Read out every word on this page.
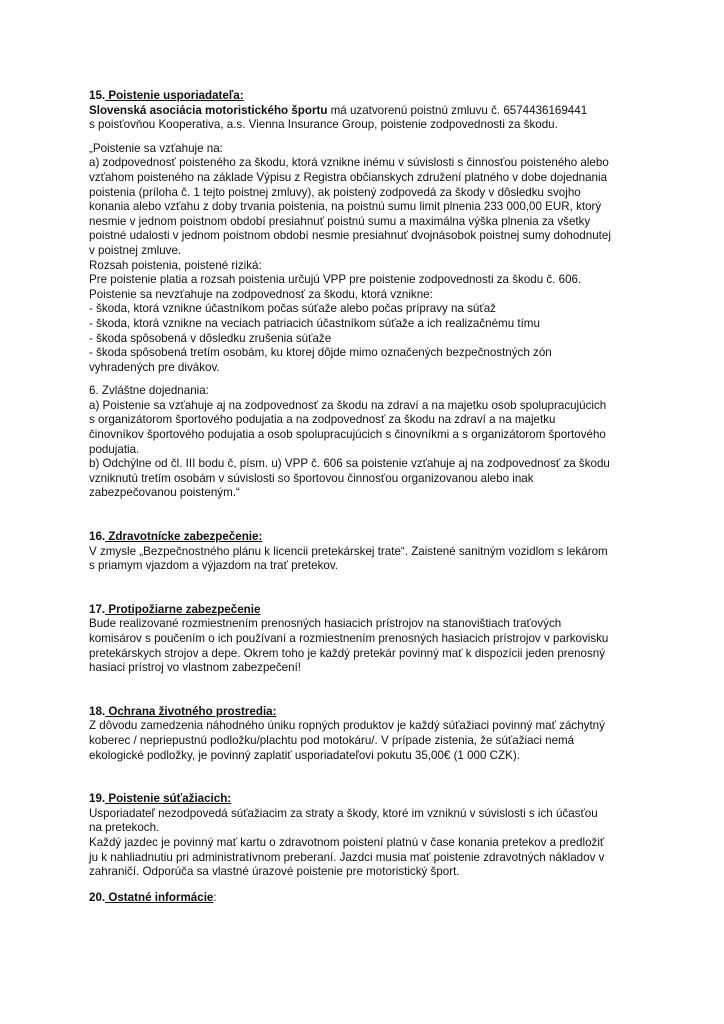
15. Poistenie usporiadateľa:

Slovenská asociácia motoristického športu má uzatvorenú poistnú zmluvu č. 6574436169441
s poisťovňou Kooperativa, a.s. Vienna Insurance Group, poistenie zodpovednosti za škodu.

„Poistenie sa vzťahuje na:

a) zodpovednosť poisteného za škodu, ktorá vznikne inému v súvislosti s činnosťou poisteného alebo
vzťahom poisteného na základe Výpisu z Registra občianskych združení platného v dobe dojednania
poistenia (príloha č. 1 tejto poistnej zmluvy), ak poistený zodpovedá za škody v dôsledku svojho
konania alebo vzťahu z doby trvania poistenia, na poistnú sumu limit plnenia 233 000,00 EUR, ktorý
nesmie v jednom poistnom období presiahnuť poistnú sumu a maximálna výška plnenia za všetky
poistné udalosti v jednom poistnom období nesmie presiahnuť dvojnásobok poistnej sumy dohodnutej
v poistnej zmluve.

Rozsah poistenia, poistené riziká:

Pre poistenie platia a rozsah poistenia určujú VPP pre poistenie zodpovednosti za škodu č. 606.
Poistenie sa nevzťahuje na zodpovednosť za škodu, ktorá vznikne:

- škoda, ktorá vznikne účastníkom počas súťaže alebo počas prípravy na súťaž
- škoda, ktorá vznikne na veciach patriacich účastníkom súťaže a ich realizačnému tímu
- škoda spôsobená v dôsledku zrušenia súťaže
- škoda spôsobená tretím osobám, ku ktorej dôjde mimo označených bezpečnostných zón
vyhradených pre divákov.

6. Zvláštne dojednania:

a) Poistenie sa vzťahuje aj na zodpovednosť za škodu na zdraví a na majetku osob spolupracujúcich
s organizátorom športového podujatia a na zodpovednosť za škodu na zdraví a na majetku
činovníkov športového podujatia a osob spolupracujúcich s činovníkmi a s organizátorom športového
podujatia.

b) Odchýlne od čl. III bodu č, písm. u) VPP č. 606 sa poistenie vzťahuje aj na zodpovednosť za škodu
vzniknutú tretím osobám v súvislosti so športovou činnosťou organizovanou alebo inak
zabezpečovanou poisteným.“

16. Zdravotnícke zabezpečenie:

V zmysle „Bezpečnostného plánu k licencii pretekárskej trate“. Zaistené sanitným vozidlom s lekárom
s priamym vjazdom a výjazdom na trať pretekov.

17. Protipožiarne zabezpečenie

Bude realizované rozmiestnením prenosných hasiacich prístrojov na stanovištiach traťových
komisárov s poučením o ich používaní a rozmiestnením prenosných hasiacich prístrojov v parkovisku
pretekárskych strojov a depe. Okrem toho je každý pretekár povinný mať k dispozícii jeden prenosný
hasiaci prístroj vo vlastnom zabezpečení!

18. Ochrana životného prostredia:

Z dôvodu zamedzenia náhodného úniku ropných produktov je každý súťažiaci povinný mať záchytný
koberec / nepriepustnú podložku/plachtu pod motokáru/. V prípade zistenia, že súťažiaci nemá
ekologické podložky, je povinný zaplatiť usporiadateľovi pokutu 35,00€ (1 000 CZK).

19. Poistenie súťažiacich:

Usporiadateľ nezodpovedá súťažiacim za straty a škody, ktoré im vzniknú v súvislosti s ich účasťou
na pretekoch.
Každý jazdec je povinný mať kartu o zdravotnom poistení platnú v čase konania pretekov a predložiť
ju k nahliadnutiu pri administratívnom preberaní. Jazdci musia mať poistenie zdravotných nákladov v
zahraničí. Odporúča sa vlastné úrazové poistenie pre motoristický šport.

20. Ostatné informácie:
